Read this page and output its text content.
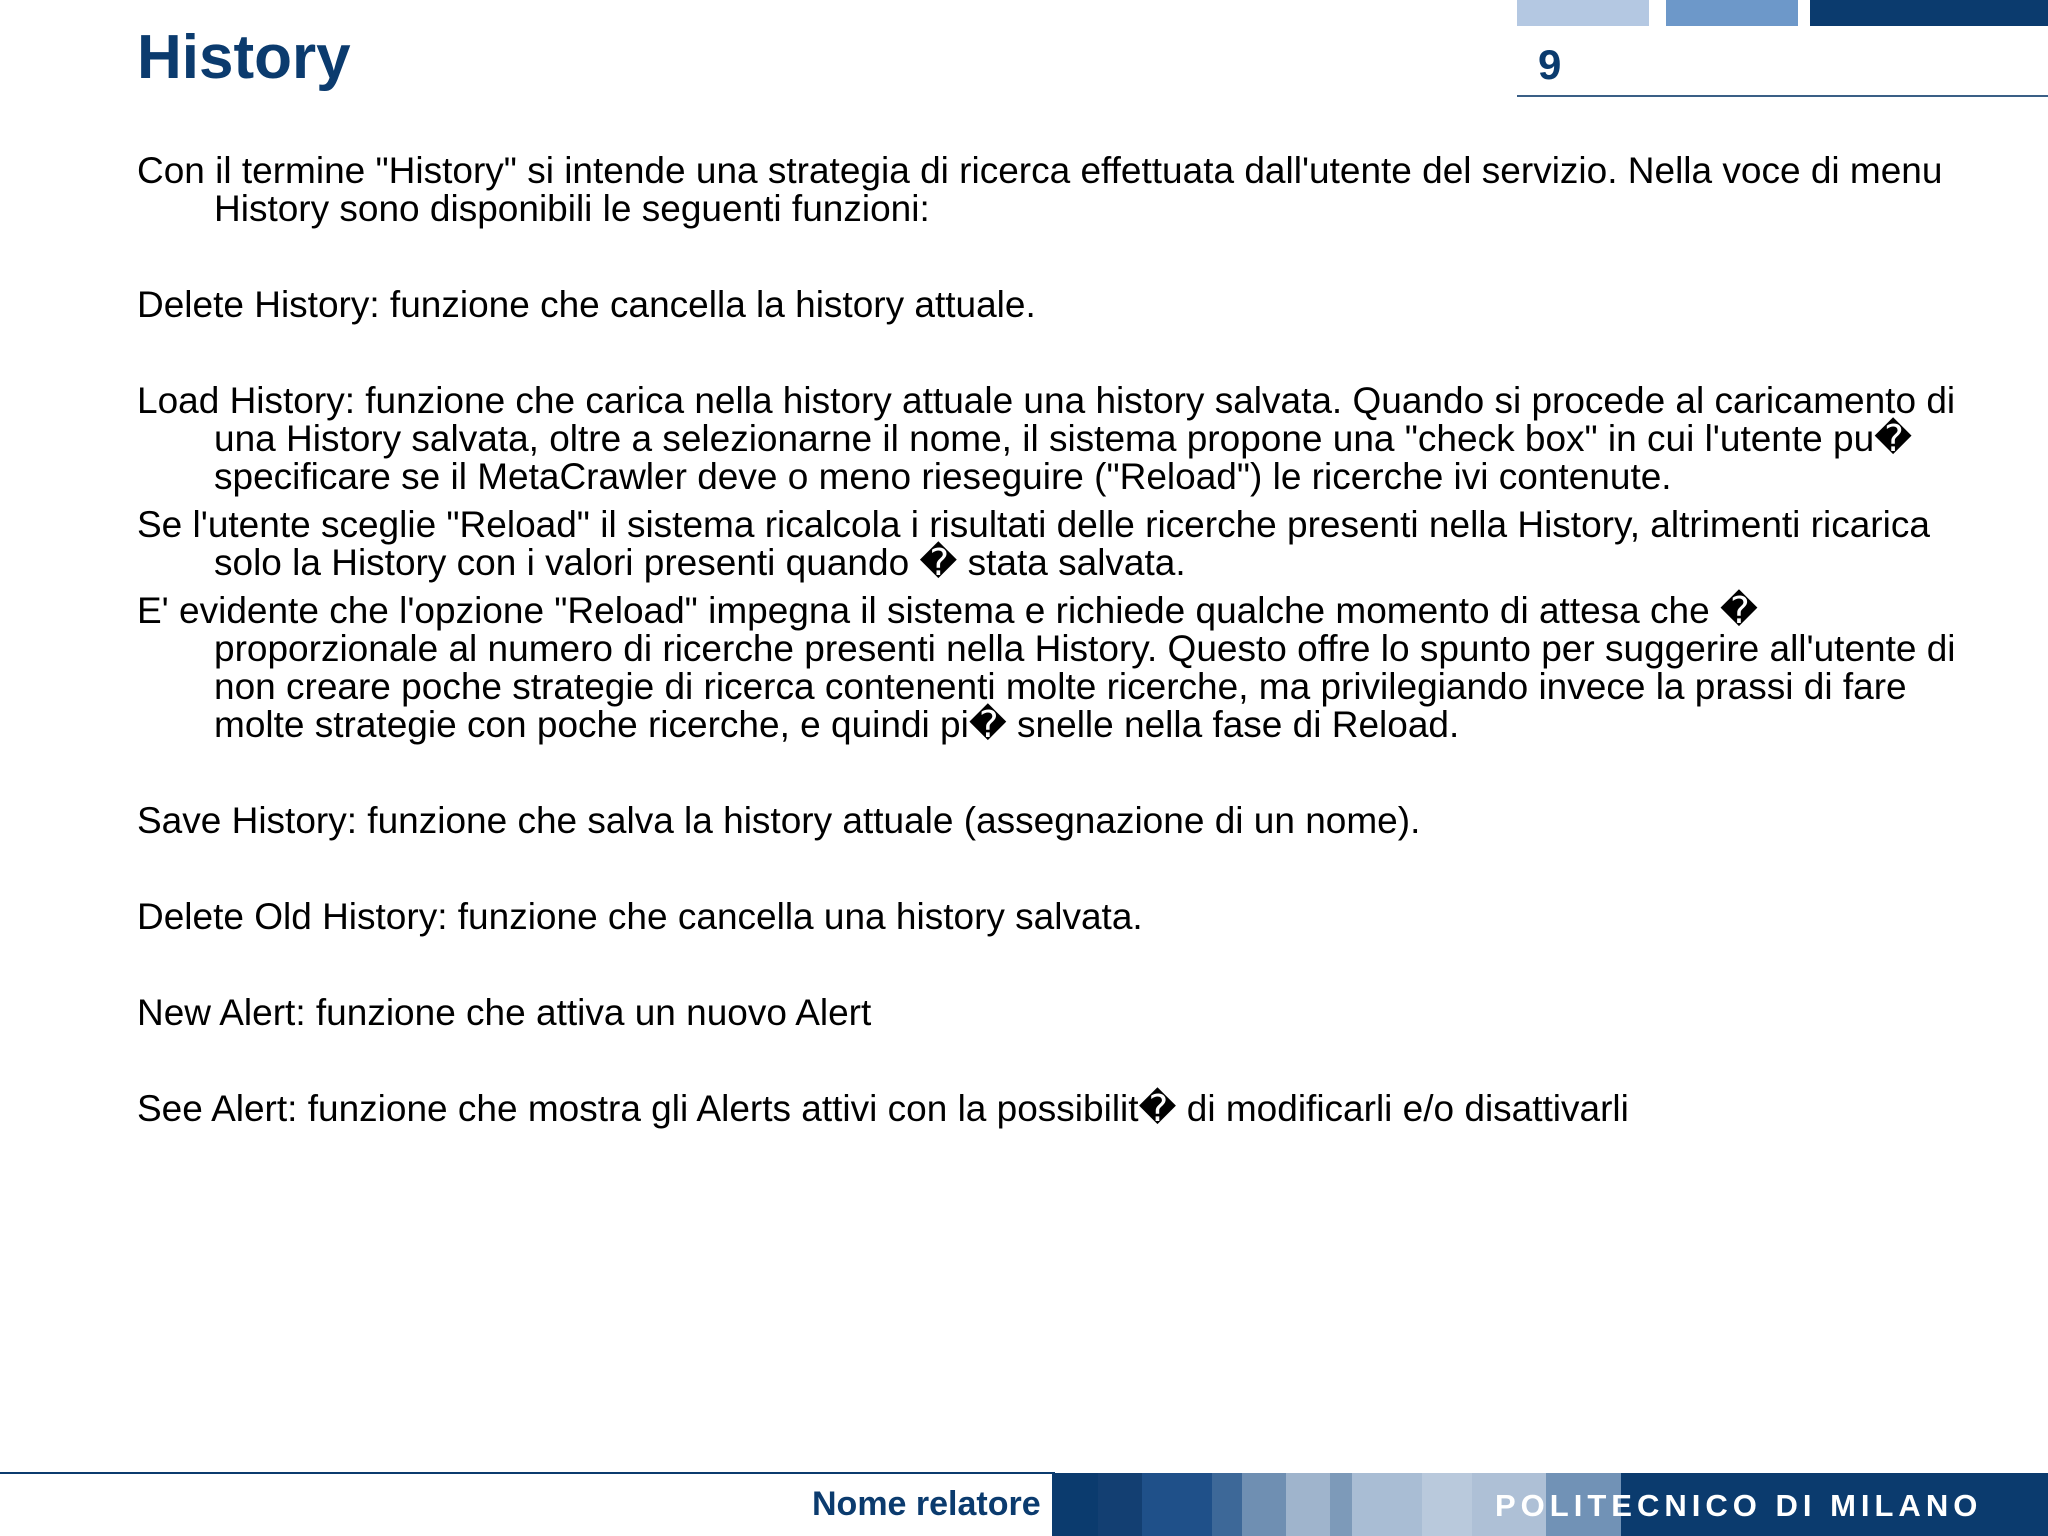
History	9

Con il termine "History" si intende una strategia di ricerca effettuata dall'utente del servizio. Nella voce di menu History sono disponibili le seguenti funzioni:

Delete History: funzione che cancella la history attuale.

Load History: funzione che carica nella history attuale una history salvata. Quando si procede al caricamento di una History salvata, oltre a selezionarne il nome, il sistema propone una "check box" in cui l'utente pu� specificare se il MetaCrawler deve o meno rieseguire ("Reload") le ricerche ivi contenute.

Se l'utente sceglie "Reload" il sistema ricalcola i risultati delle ricerche presenti nella History, altrimenti ricarica solo la History con i valori presenti quando � stata salvata.

E' evidente che l'opzione "Reload" impegna il sistema e richiede qualche momento di attesa che � proporzionale al numero di ricerche presenti nella History. Questo offre lo spunto per suggerire all'utente di non creare poche strategie di ricerca contenenti molte ricerche, ma privilegiando invece la prassi di fare molte strategie con poche ricerche, e quindi pi� snelle nella fase di Reload.

Save History: funzione che salva la history attuale (assegnazione di un nome).

Delete Old History: funzione che cancella una history salvata.

New Alert: funzione che attiva un nuovo Alert

See Alert: funzione che mostra gli Alerts attivi con la possibilit� di modificarli e/o disattivarli

Nome relatore	POLITECNICO DI MILANO
